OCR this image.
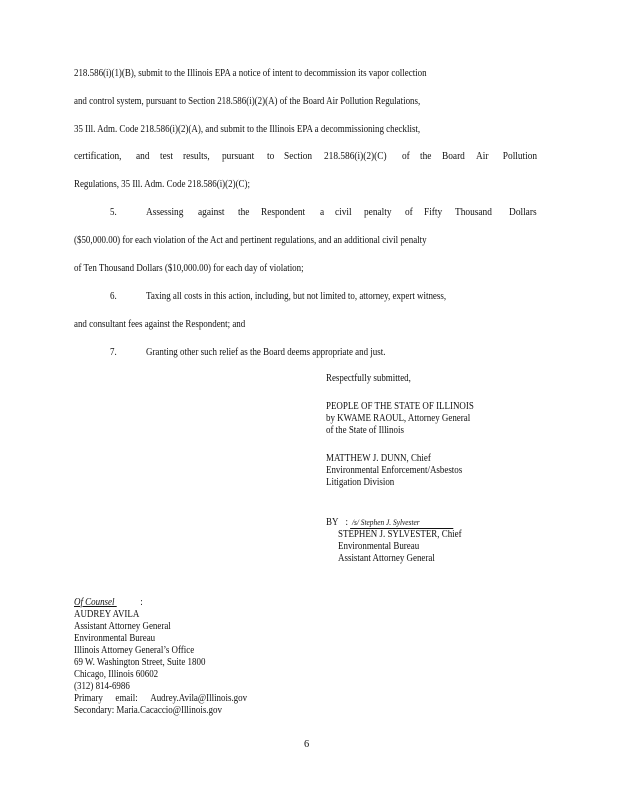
218.586(i)(1)(B), submit to the Illinois EPA a notice of intent to decommission its vapor collection
and control system, pursuant to Section 218.586(i)(2)(A) of the Board Air Pollution Regulations,
35 Ill. Adm. Code 218.586(i)(2)(A), and submit to the Illinois EPA a decommissioning checklist,
certification, and test results, pursuant to Section 218.586(i)(2)(C) of the Board Air Pollution
Regulations, 35 Ill. Adm. Code 218.586(i)(2)(C);
5.	Assessing against the Respondent a civil penalty of Fifty Thousand Dollars
($50,000.00) for each violation of the Act and pertinent regulations, and an additional civil penalty
of Ten Thousand Dollars ($10,000.00) for each day of violation;
6.	Taxing all costs in this action, including, but not limited to, attorney, expert witness,
and consultant fees against the Respondent; and
7.	Granting other such relief as the Board deems appropriate and just.
Respectfully submitted,
PEOPLE OF THE STATE OF ILLINOIS
by KWAME RAOUL, Attorney General
of the State of Illinois
MATTHEW J. DUNN, Chief
Environmental Enforcement/Asbestos
Litigation Division
BY : /s/ Stephen J. Sylvester
STEPHEN J. SYLVESTER, Chief
Environmental Bureau
Assistant Attorney General
Of Counsel :
AUDREY AVILA
Assistant Attorney General
Environmental Bureau
Illinois Attorney General’s Office
69 W. Washington Street, Suite 1800
Chicago, Illinois 60602
(312) 814-6986
Primary email: Audrey.Avila@Illinois.gov
Secondary: Maria.Cacaccio@Illinois.gov
6
